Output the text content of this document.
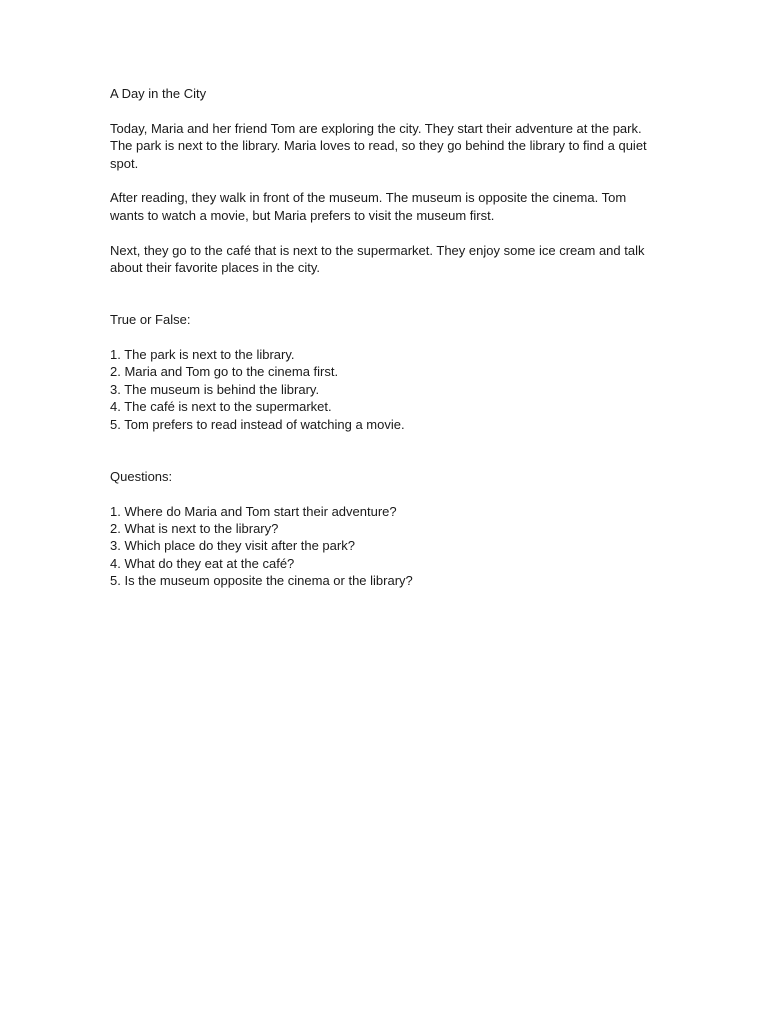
A Day in the City

Today, Maria and her friend Tom are exploring the city. They start their adventure at the park. The park is next to the library. Maria loves to read, so they go behind the library to find a quiet spot.

After reading, they walk in front of the museum. The museum is opposite the cinema. Tom wants to watch a movie, but Maria prefers to visit the museum first.

Next, they go to the café that is next to the supermarket. They enjoy some ice cream and talk about their favorite places in the city.

True or False:

1. The park is next to the library.
2. Maria and Tom go to the cinema first.
3. The museum is behind the library.
4. The café is next to the supermarket.
5. Tom prefers to read instead of watching a movie.

Questions:

1. Where do Maria and Tom start their adventure?
2. What is next to the library?
3. Which place do they visit after the park?
4. What do they eat at the café?
5. Is the museum opposite the cinema or the library?
